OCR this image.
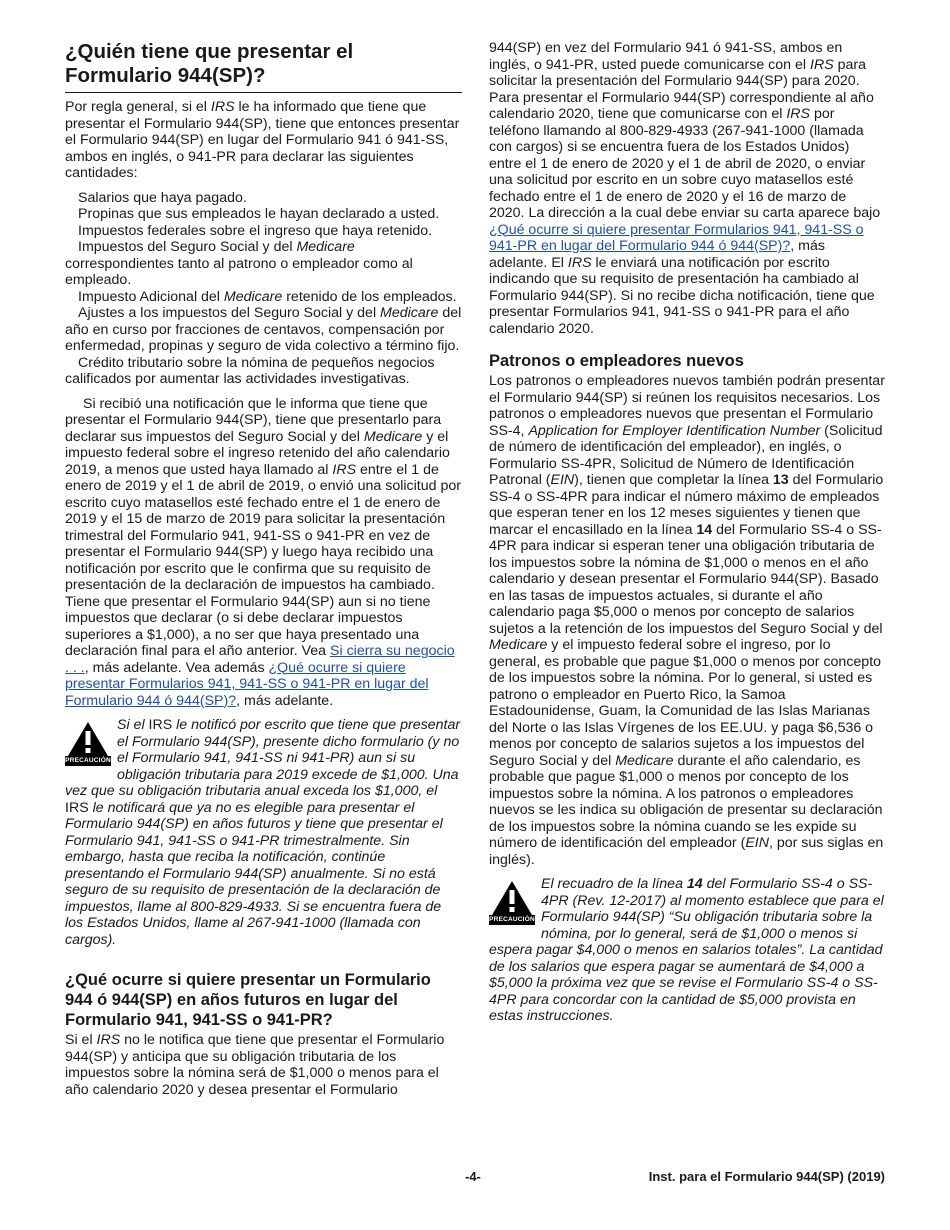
¿Quién tiene que presentar el Formulario 944(SP)?

Por regla general, si el IRS le ha informado que tiene que presentar el Formulario 944(SP), tiene que entonces presentar el Formulario 944(SP) en lugar del Formulario 941 ó 941-SS, ambos en inglés, o 941-PR para declarar las siguientes cantidades:

Salarios que haya pagado.
Propinas que sus empleados le hayan declarado a usted.
Impuestos federales sobre el ingreso que haya retenido.
Impuestos del Seguro Social y del Medicare correspondientes tanto al patrono o empleador como al empleado.
Impuesto Adicional del Medicare retenido de los empleados.
Ajustes a los impuestos del Seguro Social y del Medicare del año en curso por fracciones de centavos, compensación por enfermedad, propinas y seguro de vida colectivo a término fijo.
Crédito tributario sobre la nómina de pequeños negocios calificados por aumentar las actividades investigativas.

Si recibió una notificación que le informa que tiene que presentar el Formulario 944(SP), tiene que presentarlo para declarar sus impuestos del Seguro Social y del Medicare y el impuesto federal sobre el ingreso retenido del año calendario 2019, a menos que usted haya llamado al IRS entre el 1 de enero de 2019 y el 1 de abril de 2019, o envió una solicitud por escrito cuyo matasellos esté fechado entre el 1 de enero de 2019 y el 15 de marzo de 2019 para solicitar la presentación trimestral del Formulario 941, 941-SS o 941-PR en vez de presentar el Formulario 944(SP) y luego haya recibido una notificación por escrito que le confirma que su requisito de presentación de la declaración de impuestos ha cambiado. Tiene que presentar el Formulario 944(SP) aun si no tiene impuestos que declarar (o si debe declarar impuestos superiores a $1,000), a no ser que haya presentado una declaración final para el año anterior. Vea Si cierra su negocio . . ., más adelante. Vea además ¿Qué ocurre si quiere presentar Formularios 941, 941-SS o 941-PR en lugar del Formulario 944 ó 944(SP)?, más adelante.

PRECAUCIÓN
Si el IRS le notificó por escrito que tiene que presentar el Formulario 944(SP), presente dicho formulario (y no el Formulario 941, 941-SS ni 941-PR) aun si su obligación tributaria para 2019 excede de $1,000. Una vez que su obligación tributaria anual exceda los $1,000, el IRS le notificará que ya no es elegible para presentar el Formulario 944(SP) en años futuros y tiene que presentar el Formulario 941, 941-SS o 941-PR trimestralmente. Sin embargo, hasta que reciba la notificación, continúe presentando el Formulario 944(SP) anualmente. Si no está seguro de su requisito de presentación de la declaración de impuestos, llame al 800-829-4933. Si se encuentra fuera de los Estados Unidos, llame al 267-941-1000 (llamada con cargos).
¿Qué ocurre si quiere presentar un Formulario 944 ó 944(SP) en años futuros en lugar del Formulario 941, 941-SS o 941-PR?

Si el IRS no le notifica que tiene que presentar el Formulario 944(SP) y anticipa que su obligación tributaria de los impuestos sobre la nómina será de $1,000 o menos para el año calendario 2020 y desea presentar el Formulario

944(SP) en vez del Formulario 941 ó 941-SS, ambos en inglés, o 941-PR, usted puede comunicarse con el IRS para solicitar la presentación del Formulario 944(SP) para 2020. Para presentar el Formulario 944(SP) correspondiente al año calendario 2020, tiene que comunicarse con el IRS por teléfono llamando al 800-829-4933 (267-941-1000 (llamada con cargos) si se encuentra fuera de los Estados Unidos) entre el 1 de enero de 2020 y el 1 de abril de 2020, o enviar una solicitud por escrito en un sobre cuyo matasellos esté fechado entre el 1 de enero de 2020 y el 16 de marzo de 2020. La dirección a la cual debe enviar su carta aparece bajo ¿Qué ocurre si quiere presentar Formularios 941, 941-SS o 941-PR en lugar del Formulario 944 ó 944(SP)?, más adelante. El IRS le enviará una notificación por escrito indicando que su requisito de presentación ha cambiado al Formulario 944(SP). Si no recibe dicha notificación, tiene que presentar Formularios 941, 941-SS o 941-PR para el año calendario 2020.

Patronos o empleadores nuevos

Los patronos o empleadores nuevos también podrán presentar el Formulario 944(SP) si reúnen los requisitos necesarios. Los patronos o empleadores nuevos que presentan el Formulario SS-4, Application for Employer Identification Number (Solicitud de número de identificación del empleador), en inglés, o Formulario SS-4PR, Solicitud de Número de Identificación Patronal (EIN), tienen que completar la línea 13 del Formulario SS-4 o SS-4PR para indicar el número máximo de empleados que esperan tener en los 12 meses siguientes y tienen que marcar el encasillado en la línea 14 del Formulario SS-4 o SS-4PR para indicar si esperan tener una obligación tributaria de los impuestos sobre la nómina de $1,000 o menos en el año calendario y desean presentar el Formulario 944(SP). Basado en las tasas de impuestos actuales, si durante el año calendario paga $5,000 o menos por concepto de salarios sujetos a la retención de los impuestos del Seguro Social y del Medicare y el impuesto federal sobre el ingreso, por lo general, es probable que pague $1,000 o menos por concepto de los impuestos sobre la nómina. Por lo general, si usted es patrono o empleador en Puerto Rico, la Samoa Estadounidense, Guam, la Comunidad de las Islas Marianas del Norte o las Islas Vírgenes de los EE.UU. y paga $6,536 o menos por concepto de salarios sujetos a los impuestos del Seguro Social y del Medicare durante el año calendario, es probable que pague $1,000 o menos por concepto de los impuestos sobre la nómina. A los patronos o empleadores nuevos se les indica su obligación de presentar su declaración de los impuestos sobre la nómina cuando se les expide su número de identificación del empleador (EIN, por sus siglas en inglés).

PRECAUCIÓN
El recuadro de la línea 14 del Formulario SS-4 o SS-4PR (Rev. 12-2017) al momento establece que para el Formulario 944(SP) “Su obligación tributaria sobre la nómina, por lo general, será de $1,000 o menos si espera pagar $4,000 o menos en salarios totales”. La cantidad de los salarios que espera pagar se aumentará de $4,000 a $5,000 la próxima vez que se revise el Formulario SS-4 o SS-4PR para concordar con la cantidad de $5,000 provista en estas instrucciones.
-4-	Inst. para el Formulario 944(SP) (2019)
